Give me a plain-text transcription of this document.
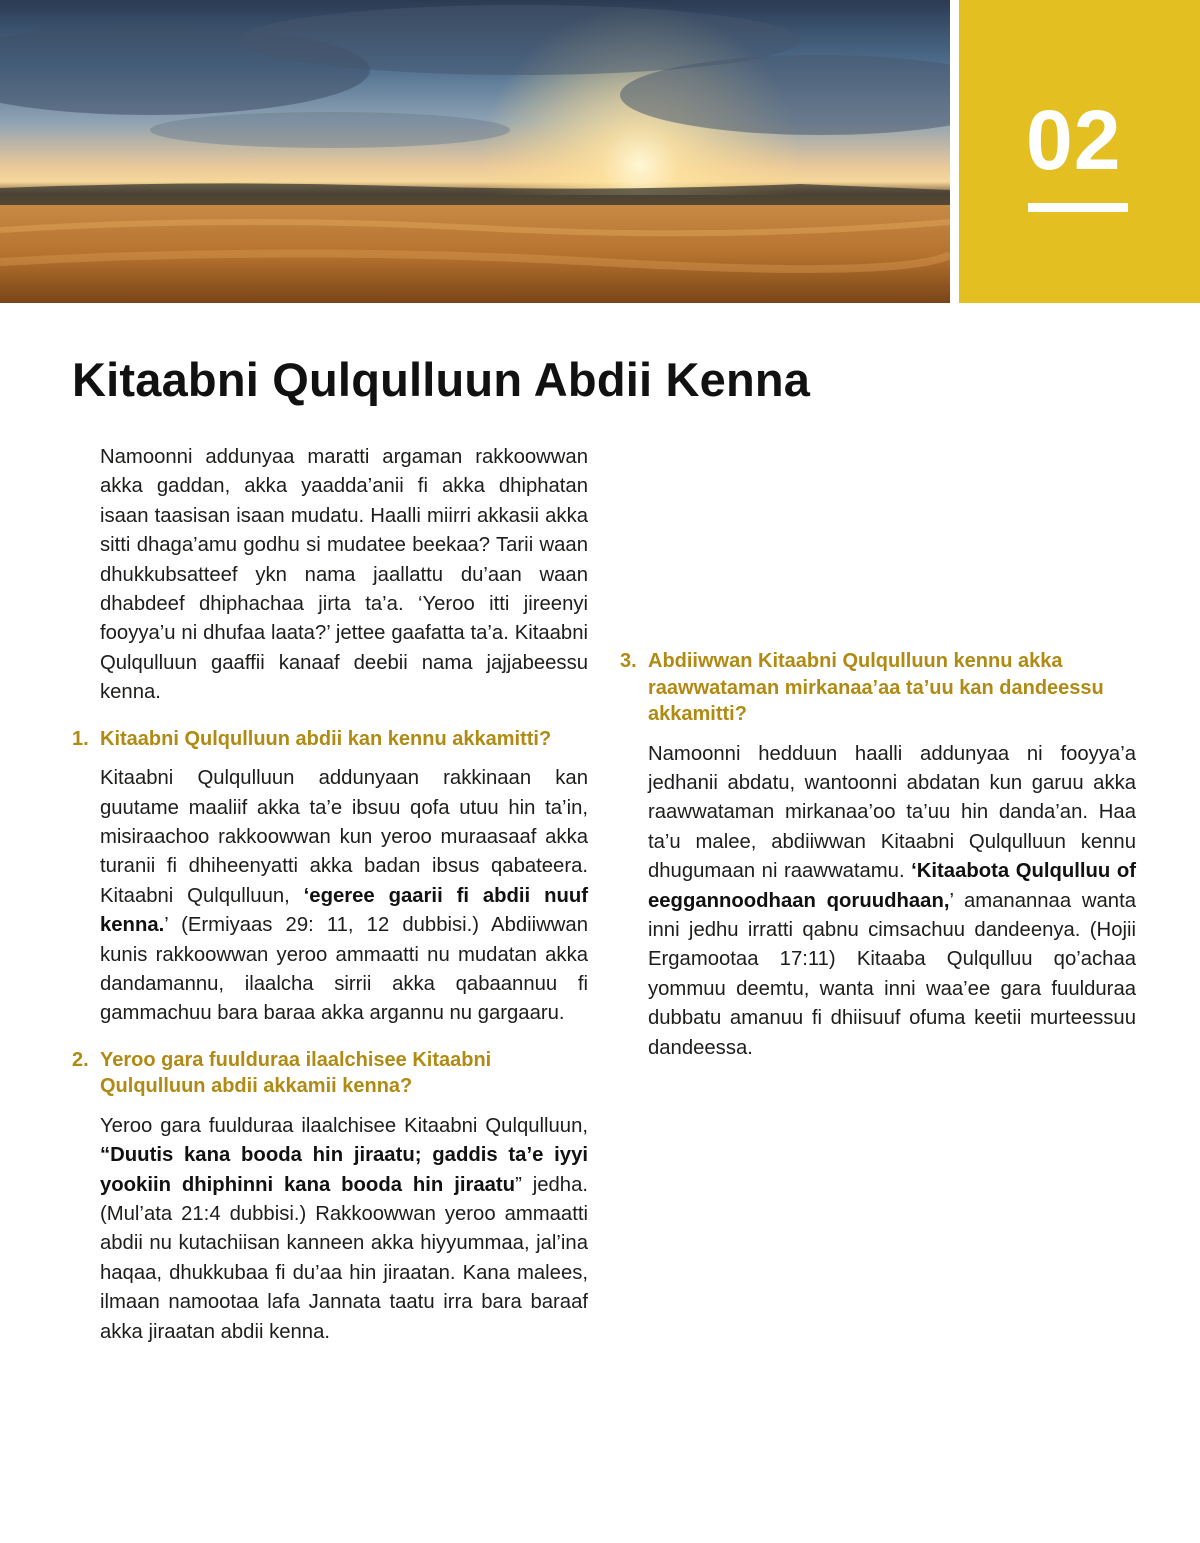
02
Kitaabni Qulqulluun Abdii Kenna

Namoonni addunyaa maratti argaman rakkoowwan akka gaddan, akka yaadda’anii fi akka dhiphatan isaan taasisan isaan mudatu. Haalli miirri akkasii akka sitti dhaga’amu godhu si mudatee beekaa? Tarii waan dhukkubsatteef ykn nama jaallattu du’aan waan dhabdeef dhiphachaa jirta ta’a. ‘Yeroo itti jireenyi fooyya’u ni dhufaa laata?’ jettee gaafatta ta’a. Kitaabni Qulqulluun gaaffii kanaaf deebii nama jajjabeessu kenna.

1. Kitaabni Qulqulluun abdii kan kennu akkamitti?

Kitaabni Qulqulluun addunyaan rakkinaan kan guutame maaliif akka ta’e ibsuu qofa utuu hin ta’in, misiraachoo rakkoowwan kun yeroo muraasaaf akka turanii fi dhiheenyatti akka badan ibsus qabateera. Kitaabni Qulqulluun, ‘egeree gaarii fi abdii nuuf kenna.’ (Ermiyaas 29: 11, 12 dubbisi.) Abdiiwwan kunis rakkoowwan yeroo ammaatti nu mudatan akka dandamannu, ilaalcha sirrii akka qabaannuu fi gammachuu bara baraa akka argannu nu gargaaru.

2. Yeroo gara fuulduraa ilaalchisee Kitaabni Qulqulluun abdii akkamii kenna?

Yeroo gara fuulduraa ilaalchisee Kitaabni Qulqulluun, “Duutis kana booda hin jiraatu; gaddis ta’e iyyi yookiin dhiphinni kana booda hin jiraatu” jedha. (Mul’ata 21:4 dubbisi.) Rakkoowwan yeroo ammaatti abdii nu kutachiisan kanneen akka hiyyummaa, jal’ina haqaa, dhukkubaa fi du’aa hin jiraatan. Kana malees, ilmaan namootaa lafa Jannata taatu irra bara baraaf akka jiraatan abdii kenna.

3. Abdiiwwan Kitaabni Qulqulluun kennu akka raawwataman mirkanaa’aa ta’uu kan dandeessu akkamitti?

Namoonni hedduun haalli addunyaa ni fooyya’a jedhanii abdatu, wantoonni abdatan kun garuu akka raawwataman mirkanaa’oo ta’uu hin danda’an. Haa ta’u malee, abdiiwwan Kitaabni Qulqulluun kennu dhugumaan ni raawwatamu. ‘Kitaabota Qulqulluu of eeggannoodhaan qoruudhaan,’ amanannaa wanta inni jedhu irratti qabnu cimsachuu dandeenya. (Hojii Ergamootaa 17:11) Kitaaba Qulqulluu qo’achaa yommuu deemtu, wanta inni waa’ee gara fuulduraa dubbatu amanuu fi dhiisuuf ofuma keetii murteessuu dandeessa.
